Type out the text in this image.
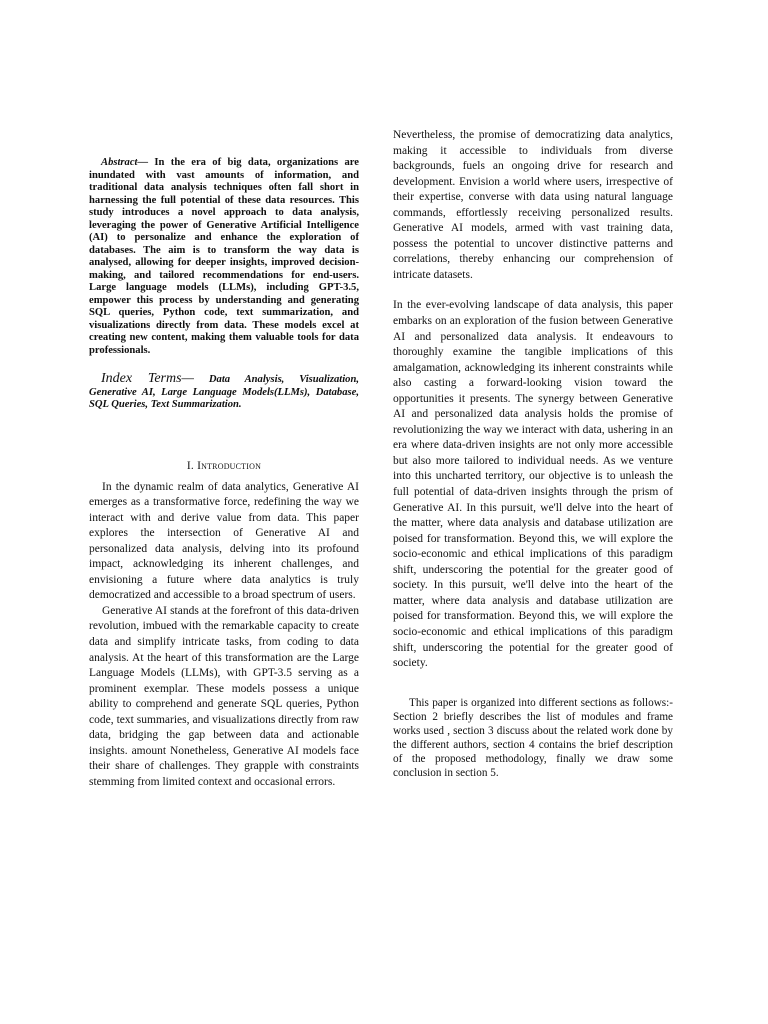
Abstract— In the era of big data, organizations are inundated with vast amounts of information, and traditional data analysis techniques often fall short in harnessing the full potential of these data resources. This study introduces a novel approach to data analysis, leveraging the power of Generative Artificial Intelligence (AI) to personalize and enhance the exploration of databases. The aim is to transform the way data is analysed, allowing for deeper insights, improved decision-making, and tailored recommendations for end-users. Large language models (LLMs), including GPT-3.5, empower this process by understanding and generating SQL queries, Python code, text summarization, and visualizations directly from data. These models excel at creating new content, making them valuable tools for data professionals.

Index Terms— Data Analysis, Visualization, Generative AI, Large Language Models(LLMs), Database, SQL Queries, Text Summarization.

I. Introduction

In the dynamic realm of data analytics, Generative AI emerges as a transformative force, redefining the way we interact with and derive value from data. This paper explores the intersection of Generative AI and personalized data analysis, delving into its profound impact, acknowledging its inherent challenges, and envisioning a future where data analytics is truly democratized and accessible to a broad spectrum of users.

Generative AI stands at the forefront of this data-driven revolution, imbued with the remarkable capacity to create data and simplify intricate tasks, from coding to data analysis. At the heart of this transformation are the Large Language Models (LLMs), with GPT-3.5 serving as a prominent exemplar. These models possess a unique ability to comprehend and generate SQL queries, Python code, text summaries, and visualizations directly from raw data, bridging the gap between data and actionable insights. amount Nonetheless, Generative AI models face their share of challenges. They grapple with constraints stemming from limited context and occasional errors.

Nevertheless, the promise of democratizing data analytics, making it accessible to individuals from diverse backgrounds, fuels an ongoing drive for research and development. Envision a world where users, irrespective of their expertise, converse with data using natural language commands, effortlessly receiving personalized results. Generative AI models, armed with vast training data, possess the potential to uncover distinctive patterns and correlations, thereby enhancing our comprehension of intricate datasets.

In the ever-evolving landscape of data analysis, this paper embarks on an exploration of the fusion between Generative AI and personalized data analysis. It endeavours to thoroughly examine the tangible implications of this amalgamation, acknowledging its inherent constraints while also casting a forward-looking vision toward the opportunities it presents. The synergy between Generative AI and personalized data analysis holds the promise of revolutionizing the way we interact with data, ushering in an era where data-driven insights are not only more accessible but also more tailored to individual needs. As we venture into this uncharted territory, our objective is to unleash the full potential of data-driven insights through the prism of Generative AI. In this pursuit, we'll delve into the heart of the matter, where data analysis and database utilization are poised for transformation. Beyond this, we will explore the socio-economic and ethical implications of this paradigm shift, underscoring the potential for the greater good of society. In this pursuit, we'll delve into the heart of the matter, where data analysis and database utilization are poised for transformation. Beyond this, we will explore the socio-economic and ethical implications of this paradigm shift, underscoring the potential for the greater good of society.

This paper is organized into different sections as follows:- Section 2 briefly describes the list of modules and frame works used , section 3 discuss about the related work done by the different authors, section 4 contains the brief description of the proposed methodology, finally we draw some conclusion in section 5.
